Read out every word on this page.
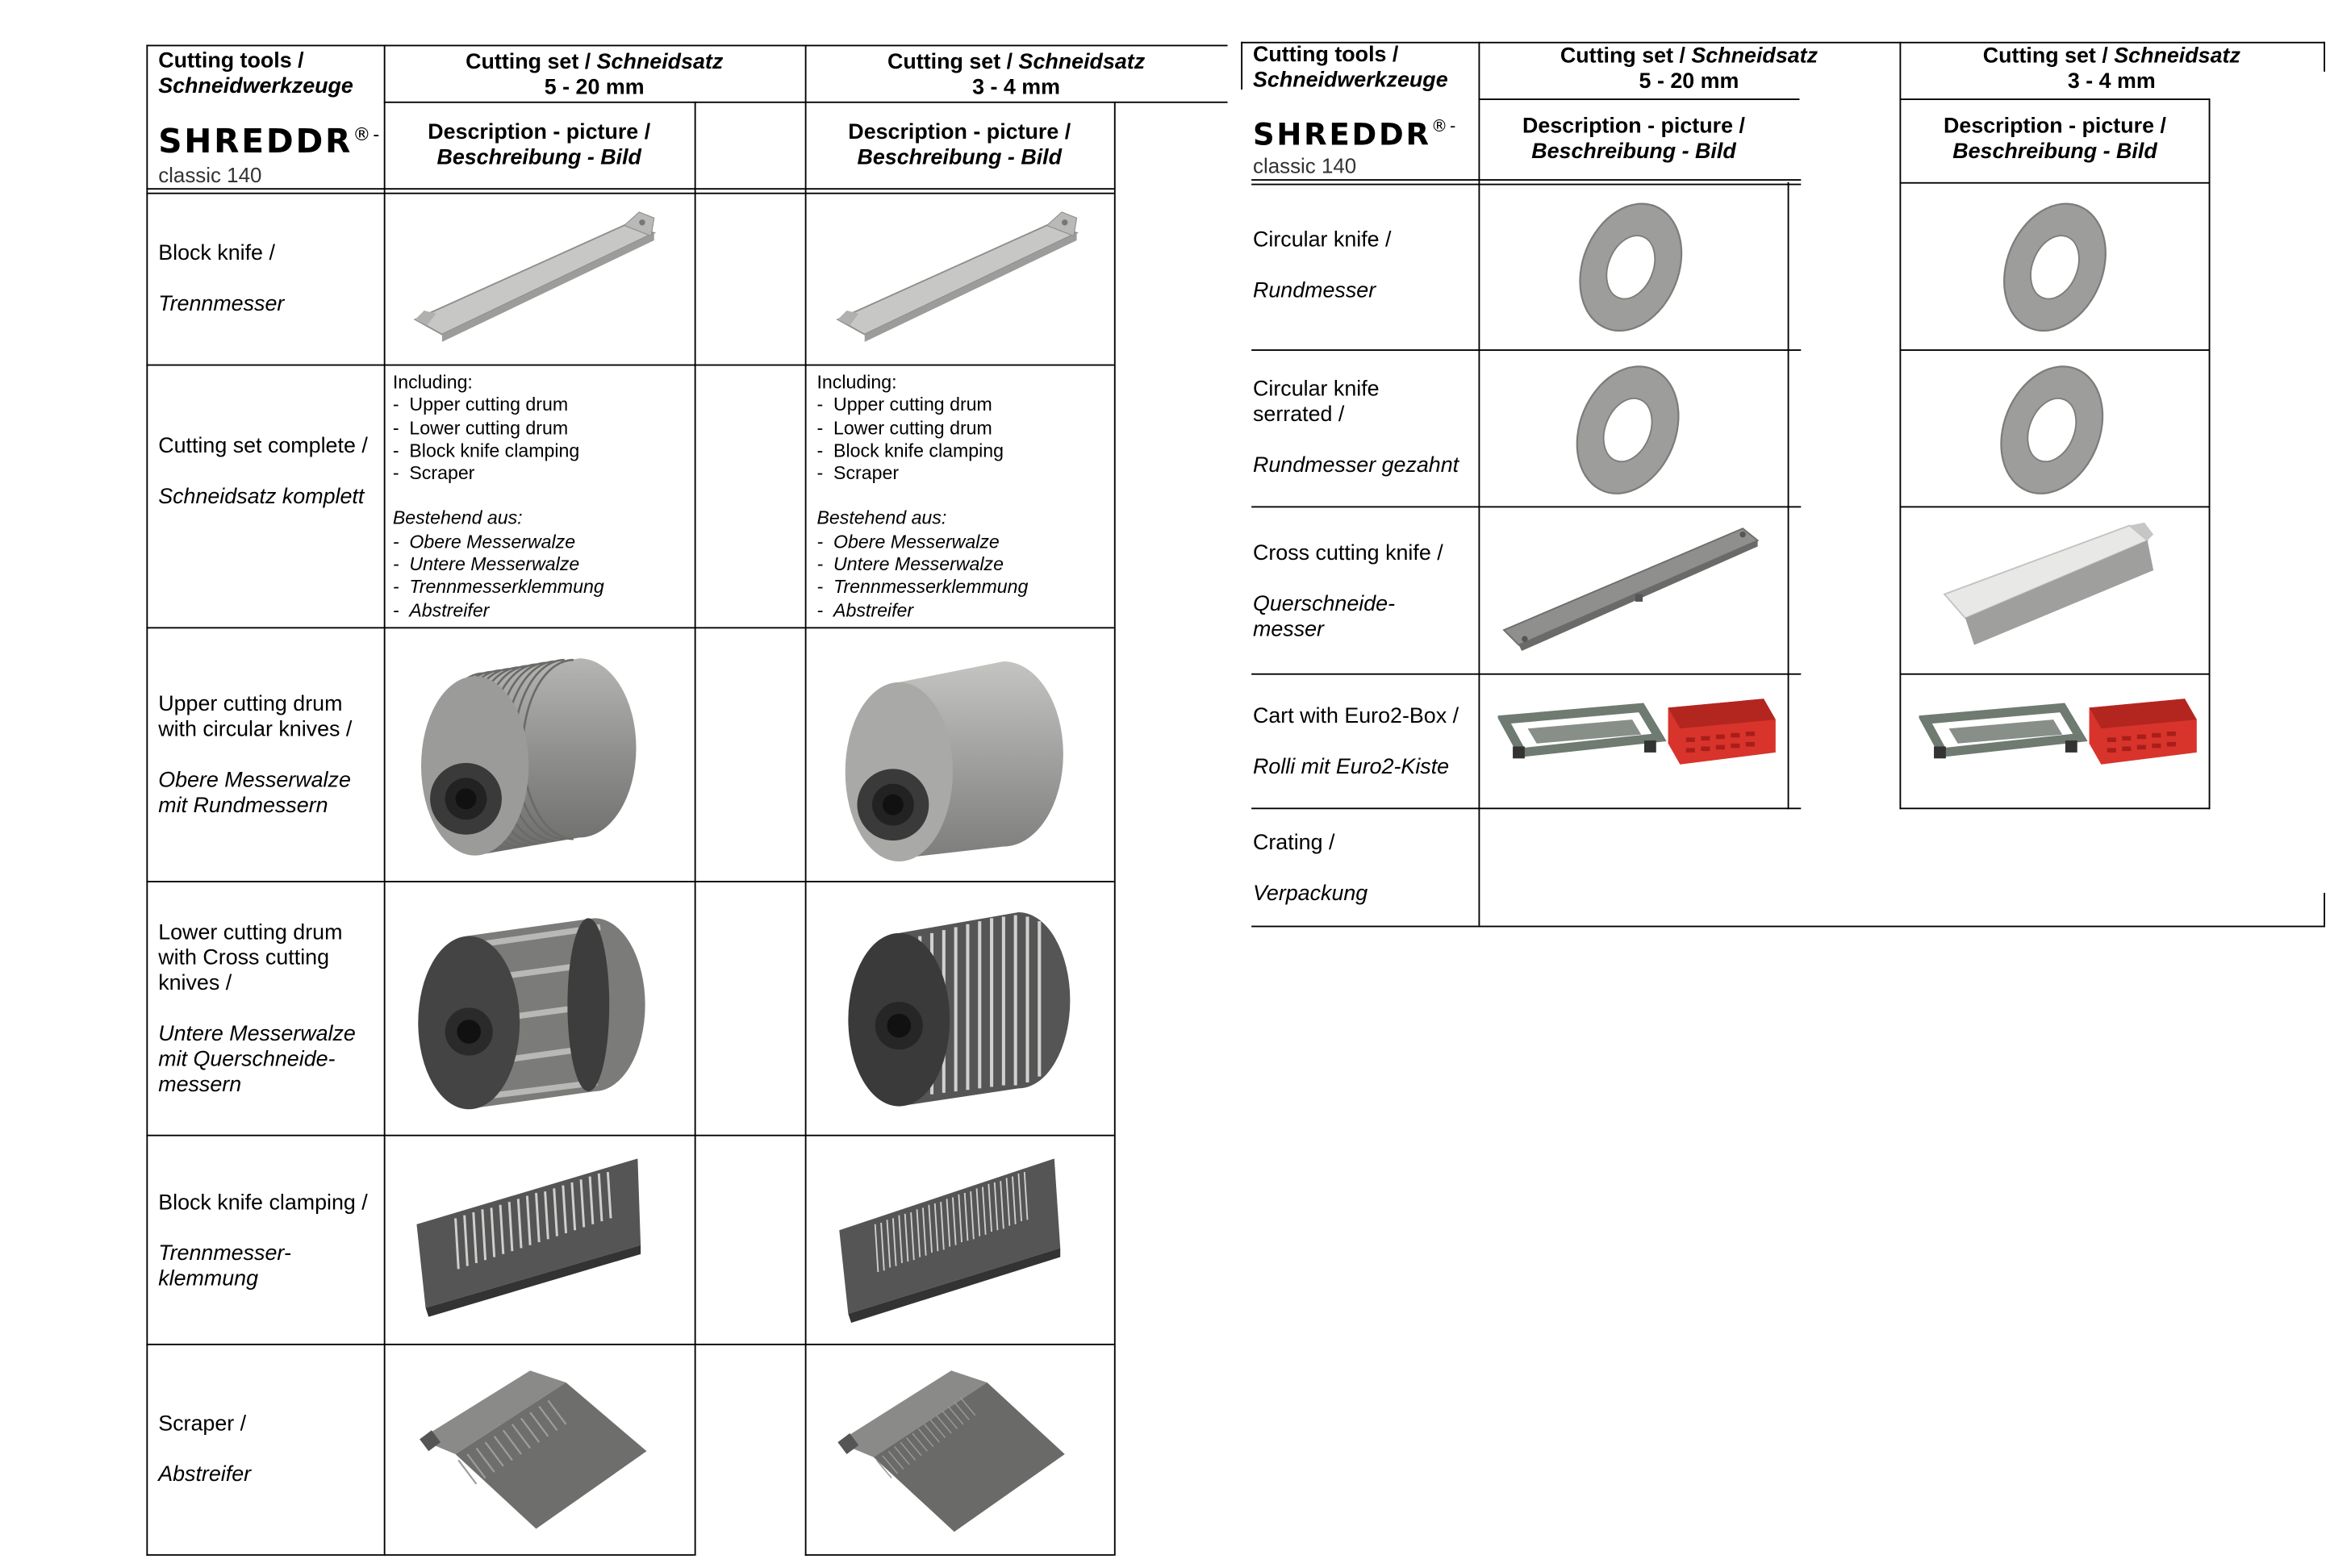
Cutting tools /
Schneidwerkzeuge
Cutting set / Schneidsatz
5 - 20 mm
Cutting set / Schneidsatz
3 - 4 mm
Description - picture /
Beschreibung - Bild
Description - picture /
Beschreibung - Bild
SHREDDR®-
classic 140
Block knife /
Trennmesser
Cutting set complete /
Schneidsatz komplett
Upper cutting drum with circular knives /
Obere Messerwalze mit Rundmessern
Lower cutting drum with Cross cutting knives /
Untere Messerwalze mit Querschneide-messern
Block knife clamping /
Trennmesser-klemmung
Scraper /
Abstreifer
Including:
-  Upper cutting drum
-  Lower cutting drum
-  Block knife clamping
-  Scraper
Bestehend aus:
-  Obere Messerwalze
-  Untere Messerwalze
-  Trennmesserklemmung
-  Abstreifer
Including:
-  Upper cutting drum
-  Lower cutting drum
-  Block knife clamping
-  Scraper
Bestehend aus:
-  Obere Messerwalze
-  Untere Messerwalze
-  Trennmesserklemmung
-  Abstreifer
Cutting tools /
Schneidwerkzeuge
Cutting set / Schneidsatz
5 - 20 mm
Cutting set / Schneidsatz
3 - 4 mm
Description - picture /
Beschreibung - Bild
Description - picture /
Beschreibung - Bild
SHREDDR®-
classic 140
Circular knife /
Rundmesser
Circular knife serrated /
Rundmesser gezahnt
Cross cutting knife /
Querschneide-messer
Cart with Euro2-Box /
Rolli mit Euro2-Kiste
Crating /
Verpackung
